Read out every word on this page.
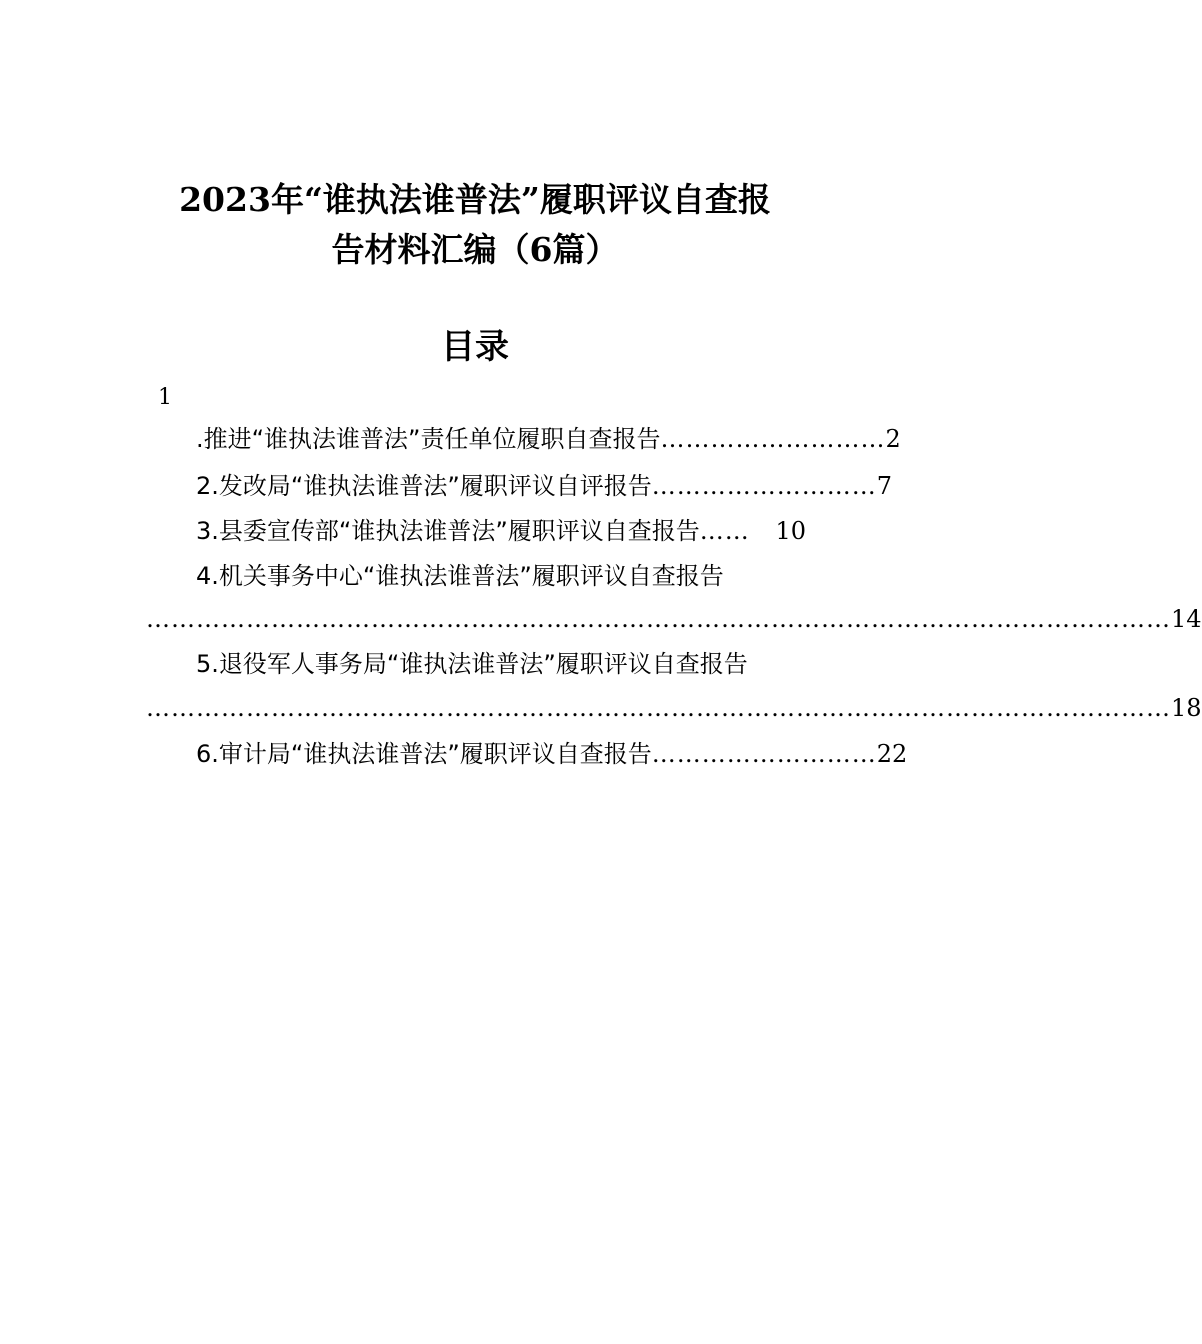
2023年“谁执法谁普法”履职评议自查报
告材料汇编（6篇）
目录
1
.推进“谁执法谁普法”责任单位履职自查报告 ……………………… 2
2.发改局“谁执法谁普法”履职评议自评报告 ……………………… 7
3.县委宣传部“谁执法谁普法”履职评议自查报告 ……	10
4.机关事务中心“谁执法谁普法”履职评议自查报告
…………………………………………………………………………………………………………… 14
5.退役军人事务局“谁执法谁普法”履职评议自查报告
…………………………………………………………………………………………………………… 18
6.审计局“谁执法谁普法”履职评议自查报告 ……………………… 22
